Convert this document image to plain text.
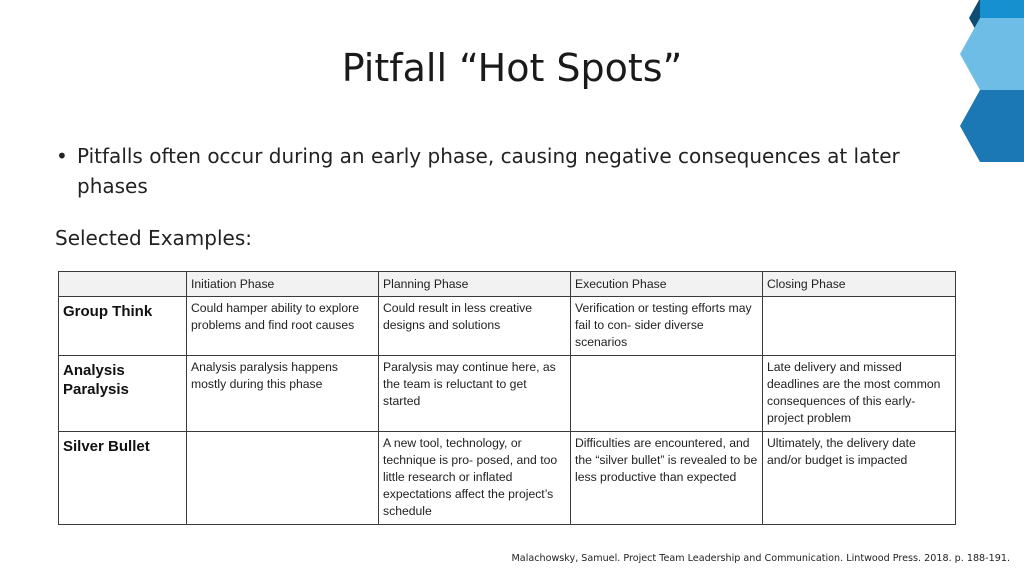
Pitfall “Hot Spots”
• Pitfalls often occur during an early phase, causing negative consequences at later phases
Selected Examples:
	Initiation Phase	Planning Phase	Execution Phase	Closing Phase
Group Think	Could hamper ability to explore problems and find root causes	Could result in less creative designs and solutions	Verification or testing efforts may fail to con- sider diverse scenarios	
Analysis Paralysis	Analysis paralysis happens mostly during this phase	Paralysis may continue here, as the team is reluctant to get started		Late delivery and missed deadlines are the most common consequences of this early-project problem
Silver Bullet		A new tool, technology, or technique is pro- posed, and too little research or inflated expectations affect the project’s schedule	Difficulties are encountered, and the “silver bullet” is revealed to be less productive than expected	Ultimately, the delivery date and/or budget is impacted
Malachowsky, Samuel. Project Team Leadership and Communication. Lintwood Press. 2018. p. 188-191.
